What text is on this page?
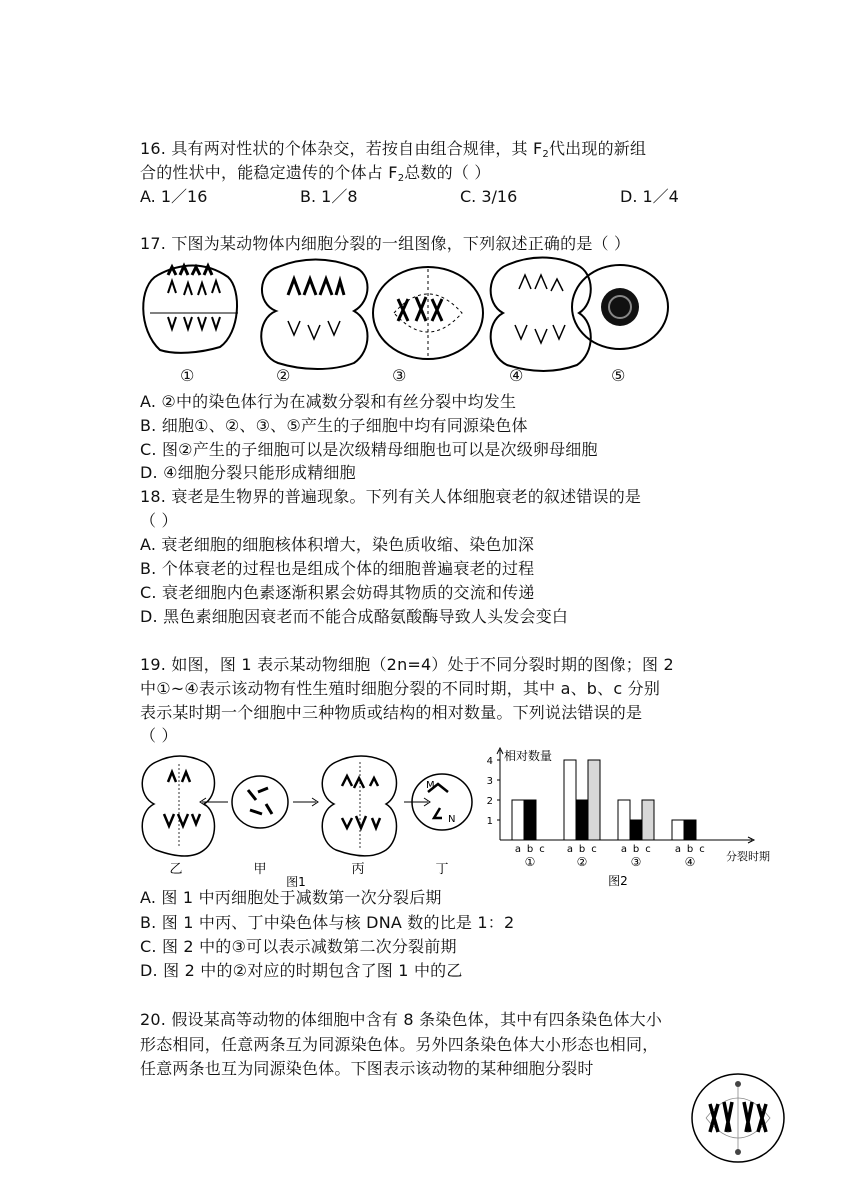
16. 具有两对性状的个体杂交，若按自由组合规律，其 $F_2$代出现的新组
合的性状中，能稳定遗传的个体占 $F_2$总数的（ ）
A. 1／16	B. 1／8	C. 3/16	D. 1／4
17. 下图为某动物体内细胞分裂的一组图像，下列叙述正确的是（ ）
①	②	③	④	⑤
A. ②中的染色体行为在减数分裂和有丝分裂中均发生
B. 细胞①、②、③、⑤产生的子细胞中均有同源染色体
C. 图②产生的子细胞可以是次级精母细胞也可以是次级卵母细胞
D. ④细胞分裂只能形成精细胞
18. 衰老是生物界的普遍现象。下列有关人体细胞衰老的叙述错误的是
（ ）
A. 衰老细胞的细胞核体积增大，染色质收缩、染色加深
B. 个体衰老的过程也是组成个体的细胞普遍衰老的过程
C. 衰老细胞内色素逐渐积累会妨碍其物质的交流和传递
D. 黑色素细胞因衰老而不能合成酪氨酸酶导致人头发会变白
19. 如图，图 1 表示某动物细胞（2n=4）处于不同分裂时期的图像；图 2
中①~④表示该动物有性生殖时细胞分裂的不同时期，其中 a、b、c 分别
表示某时期一个细胞中三种物质或结构的相对数量。下列说法错误的是
（ ）
M
N
乙	甲	丙	丁
图1
相对数量
1
2
3
4
a b c
①
a b c
②
a b c
③
a b c
④	分裂时期
图2
A. 图 1 中丙细胞处于减数第一次分裂后期
B. 图 1 中丙、丁中染色体与核 DNA 数的比是 1：2
C. 图 2 中的③可以表示减数第二次分裂前期
D. 图 2 中的②对应的时期包含了图 1 中的乙
20. 假设某高等动物的体细胞中含有 8 条染色体，其中有四条染色体大小
形态相同，任意两条互为同源染色体。另外四条染色体大小形态也相同，
任意两条也互为同源染色体。下图表示该动物的某种细胞分裂时
